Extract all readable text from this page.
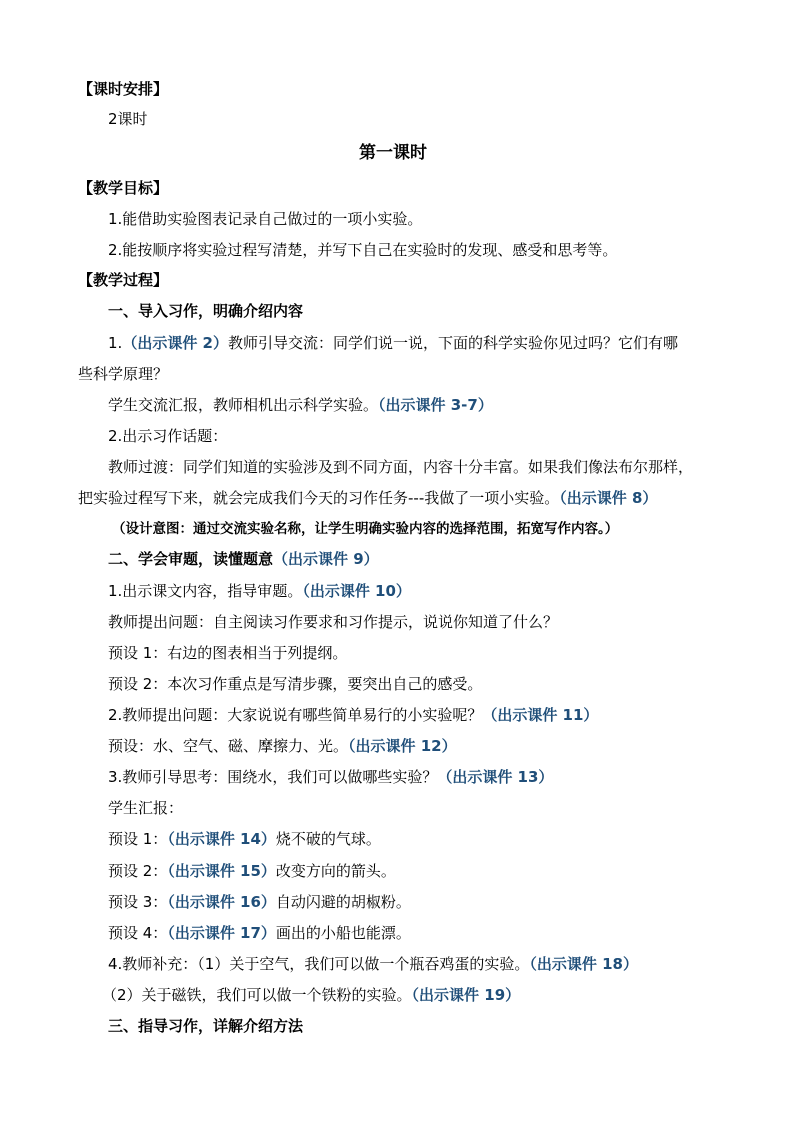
【课时安排】
2课时
第一课时
【教学目标】
1.能借助实验图表记录自己做过的一项小实验。
2.能按顺序将实验过程写清楚，并写下自己在实验时的发现、感受和思考等。
【教学过程】
一、导入习作，明确介绍内容
1.（出示课件 2）教师引导交流：同学们说一说，下面的科学实验你见过吗？它们有哪
些科学原理？
学生交流汇报，教师相机出示科学实验。（出示课件 3-7）
2.出示习作话题：
教师过渡：同学们知道的实验涉及到不同方面，内容十分丰富。如果我们像法布尔那样，
把实验过程写下来，就会完成我们今天的习作任务---我做了一项小实验。（出示课件 8）
（设计意图：通过交流实验名称，让学生明确实验内容的选择范围，拓宽写作内容。）
二、学会审题，读懂题意（出示课件 9）
1.出示课文内容，指导审题。（出示课件 10）
教师提出问题：自主阅读习作要求和习作提示，说说你知道了什么？
预设 1：右边的图表相当于列提纲。
预设 2：本次习作重点是写清步骤，要突出自己的感受。
2.教师提出问题：大家说说有哪些简单易行的小实验呢？（出示课件 11）
预设：水、空气、磁、摩擦力、光。（出示课件 12）
3.教师引导思考：围绕水，我们可以做哪些实验？（出示课件 13）
学生汇报：
预设 1：（出示课件 14）烧不破的气球。
预设 2：（出示课件 15）改变方向的箭头。
预设 3：（出示课件 16）自动闪避的胡椒粉。
预设 4：（出示课件 17）画出的小船也能漂。
4.教师补充：（1）关于空气，我们可以做一个瓶吞鸡蛋的实验。（出示课件 18）
（2）关于磁铁，我们可以做一个铁粉的实验。（出示课件 19）
三、指导习作，详解介绍方法
